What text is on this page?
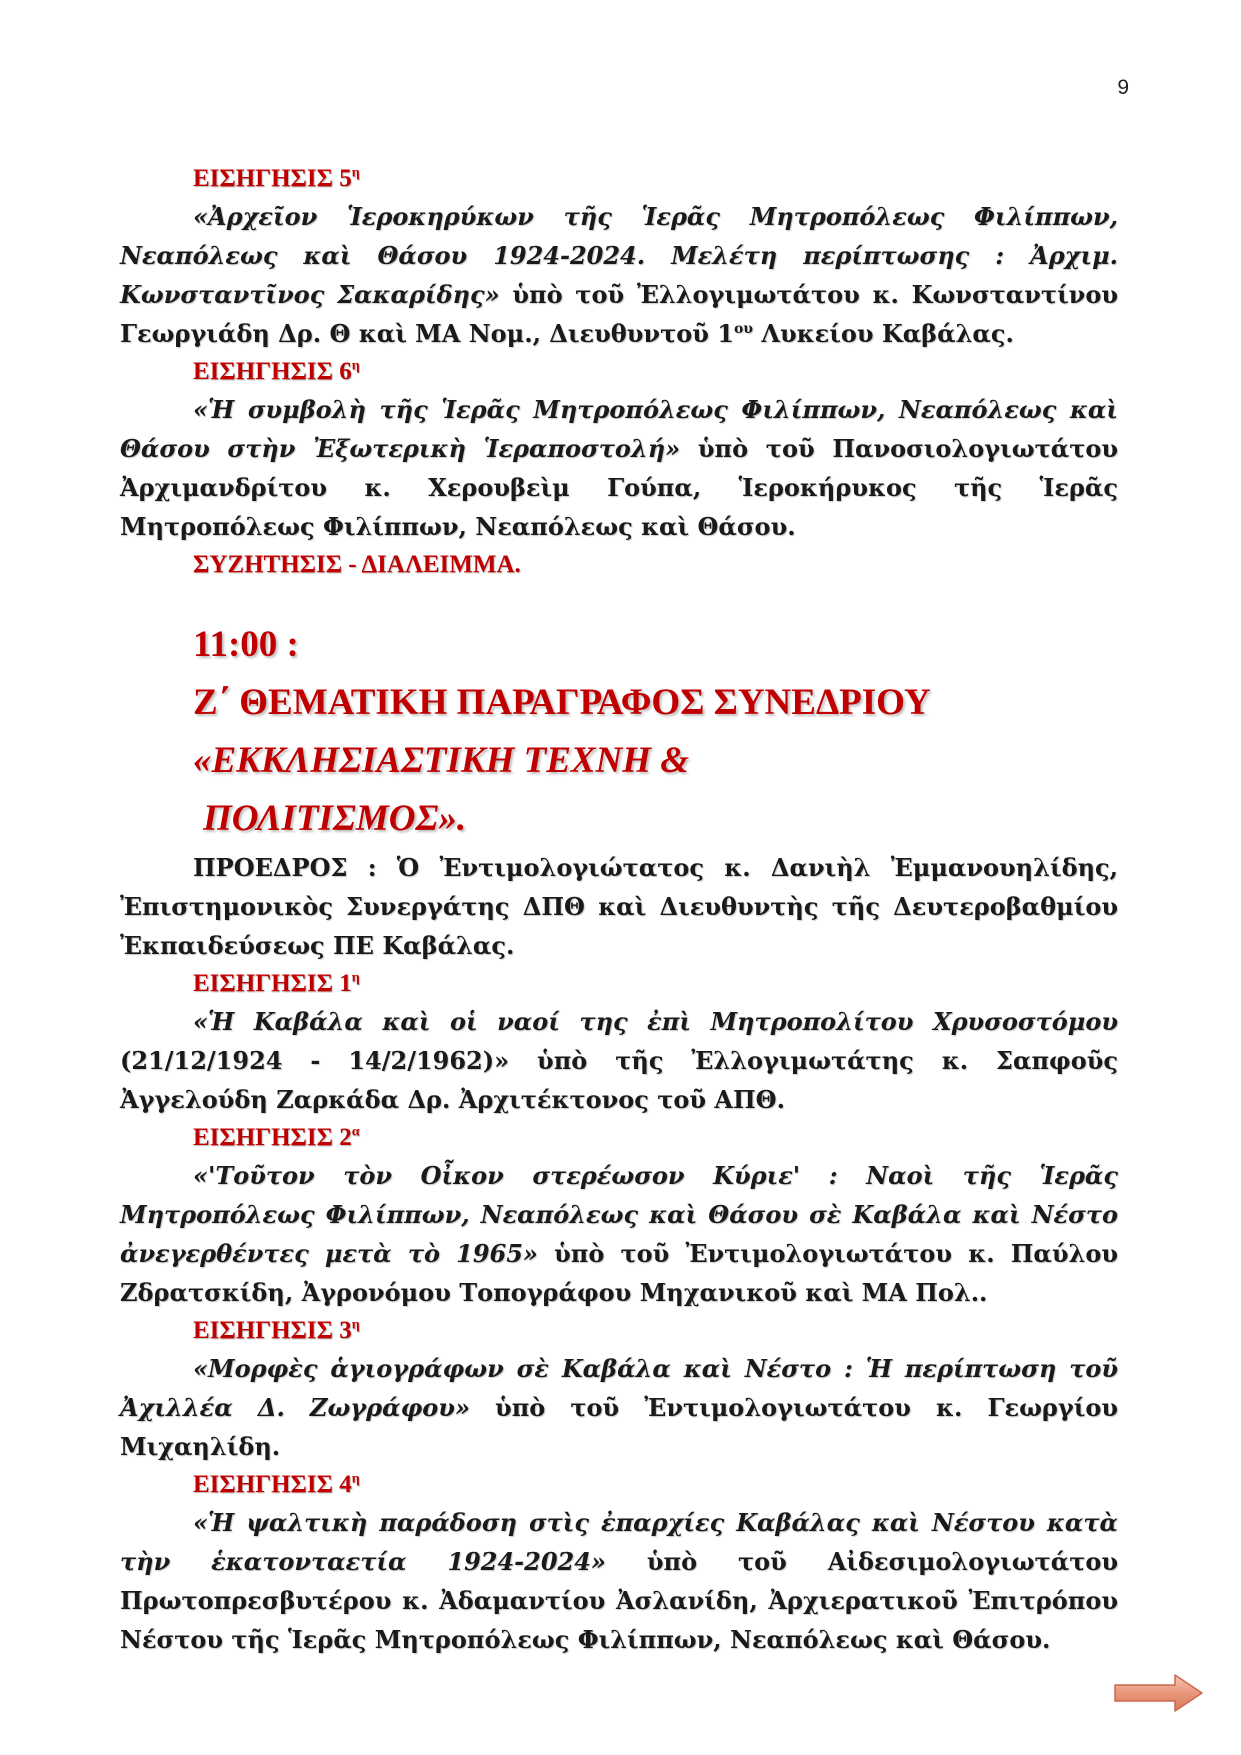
9
ΕΙΣΗΓΗΣΙΣ $5^\eta$

«Ἀρχεῖον Ἱεροκηρύκων τῆς Ἱερᾶς Μητροπόλεως Φιλίππων, Νεαπόλεως καὶ Θάσου 1924-2024. Μελέτη περίπτωσης : Ἀρχιμ. Κωνσταντῖνος Σακαρίδης» ὑπὸ τοῦ Ἐλλογιμωτάτου κ. Κωνσταντίνου Γεωργιάδη Δρ. Θ καὶ ΜΑ Νομ., Διευθυντοῦ $1^{o\upsilon}$ Λυκείου Καβάλας.

ΕΙΣΗΓΗΣΙΣ $6^\eta$

«Ἡ συμβολὴ τῆς Ἱερᾶς Μητροπόλεως Φιλίππων, Νεαπόλεως καὶ Θάσου στὴν Ἐξωτερικὴ Ἱεραποστολή» ὑπὸ τοῦ Πανοσιολογιωτάτου Ἀρχιμανδρίτου κ. Χερουβεὶμ Γούπα, Ἱεροκήρυκος τῆς Ἱερᾶς Μητροπόλεως Φιλίππων, Νεαπόλεως καὶ Θάσου.

ΣΥΖΗΤΗΣΙΣ - ΔΙΑΛΕΙΜΜΑ.
11:00 :
Ζ΄ ΘΕΜΑΤΙΚΗ ΠΑΡΑΓΡΑΦΟΣ ΣΥΝΕΔΡΙΟΥ
«ΕΚΚΛΗΣΙΑΣΤΙΚΗ ΤΕΧΝΗ &
ΠΟΛΙΤΙΣΜΟΣ».

ΠΡΟΕΔΡΟΣ : Ὁ Ἐντιμολογιώτατος κ. Δανιὴλ Ἐμμανουηλίδης, Ἐπιστημονικὸς Συνεργάτης ΔΠΘ καὶ Διευθυντὴς τῆς Δευτεροβαθμίου Ἐκπαιδεύσεως ΠΕ Καβάλας.

ΕΙΣΗΓΗΣΙΣ $1^\eta$

«Ἡ Καβάλα καὶ οἱ ναοί της ἐπὶ Μητροπολίτου Χρυσοστόμου (21/12/1924 - 14/2/1962)» ὑπὸ τῆς Ἐλλογιμωτάτης κ. Σαπφοῦς Ἀγγελούδη Ζαρκάδα Δρ. Ἀρχιτέκτονος τοῦ ΑΠΘ.

ΕΙΣΗΓΗΣΙΣ $2^\alpha$

«'Τοῦτον τὸν Οἶκον στερέωσον Κύριε' : Ναοὶ τῆς Ἱερᾶς Μητροπόλεως Φιλίππων, Νεαπόλεως καὶ Θάσου σὲ Καβάλα καὶ Νέστο ἀνεγερθέντες μετὰ τὸ 1965» ὑπὸ τοῦ Ἐντιμολογιωτάτου κ. Παύλου Ζδρατσκίδη, Ἀγρονόμου Τοπογράφου Μηχανικοῦ καὶ ΜΑ Πολ..

ΕΙΣΗΓΗΣΙΣ $3^\eta$

«Μορφὲς ἁγιογράφων σὲ Καβάλα καὶ Νέστο : Ἡ περίπτωση τοῦ Ἀχιλλέα Δ. Ζωγράφου» ὑπὸ τοῦ Ἐντιμολογιωτάτου κ. Γεωργίου Μιχαηλίδη.

ΕΙΣΗΓΗΣΙΣ $4^\eta$

«Ἡ ψαλτικὴ παράδοση στὶς ἐπαρχίες Καβάλας καὶ Νέστου κατὰ τὴν ἑκατονταετία 1924-2024» ὑπὸ τοῦ Αἰδεσιμολογιωτάτου Πρωτοπρεσβυτέρου κ. Ἀδαμαντίου Ἀσλανίδη, Ἀρχιερατικοῦ Ἐπιτρόπου Νέστου τῆς Ἱερᾶς Μητροπόλεως Φιλίππων, Νεαπόλεως καὶ Θάσου.
